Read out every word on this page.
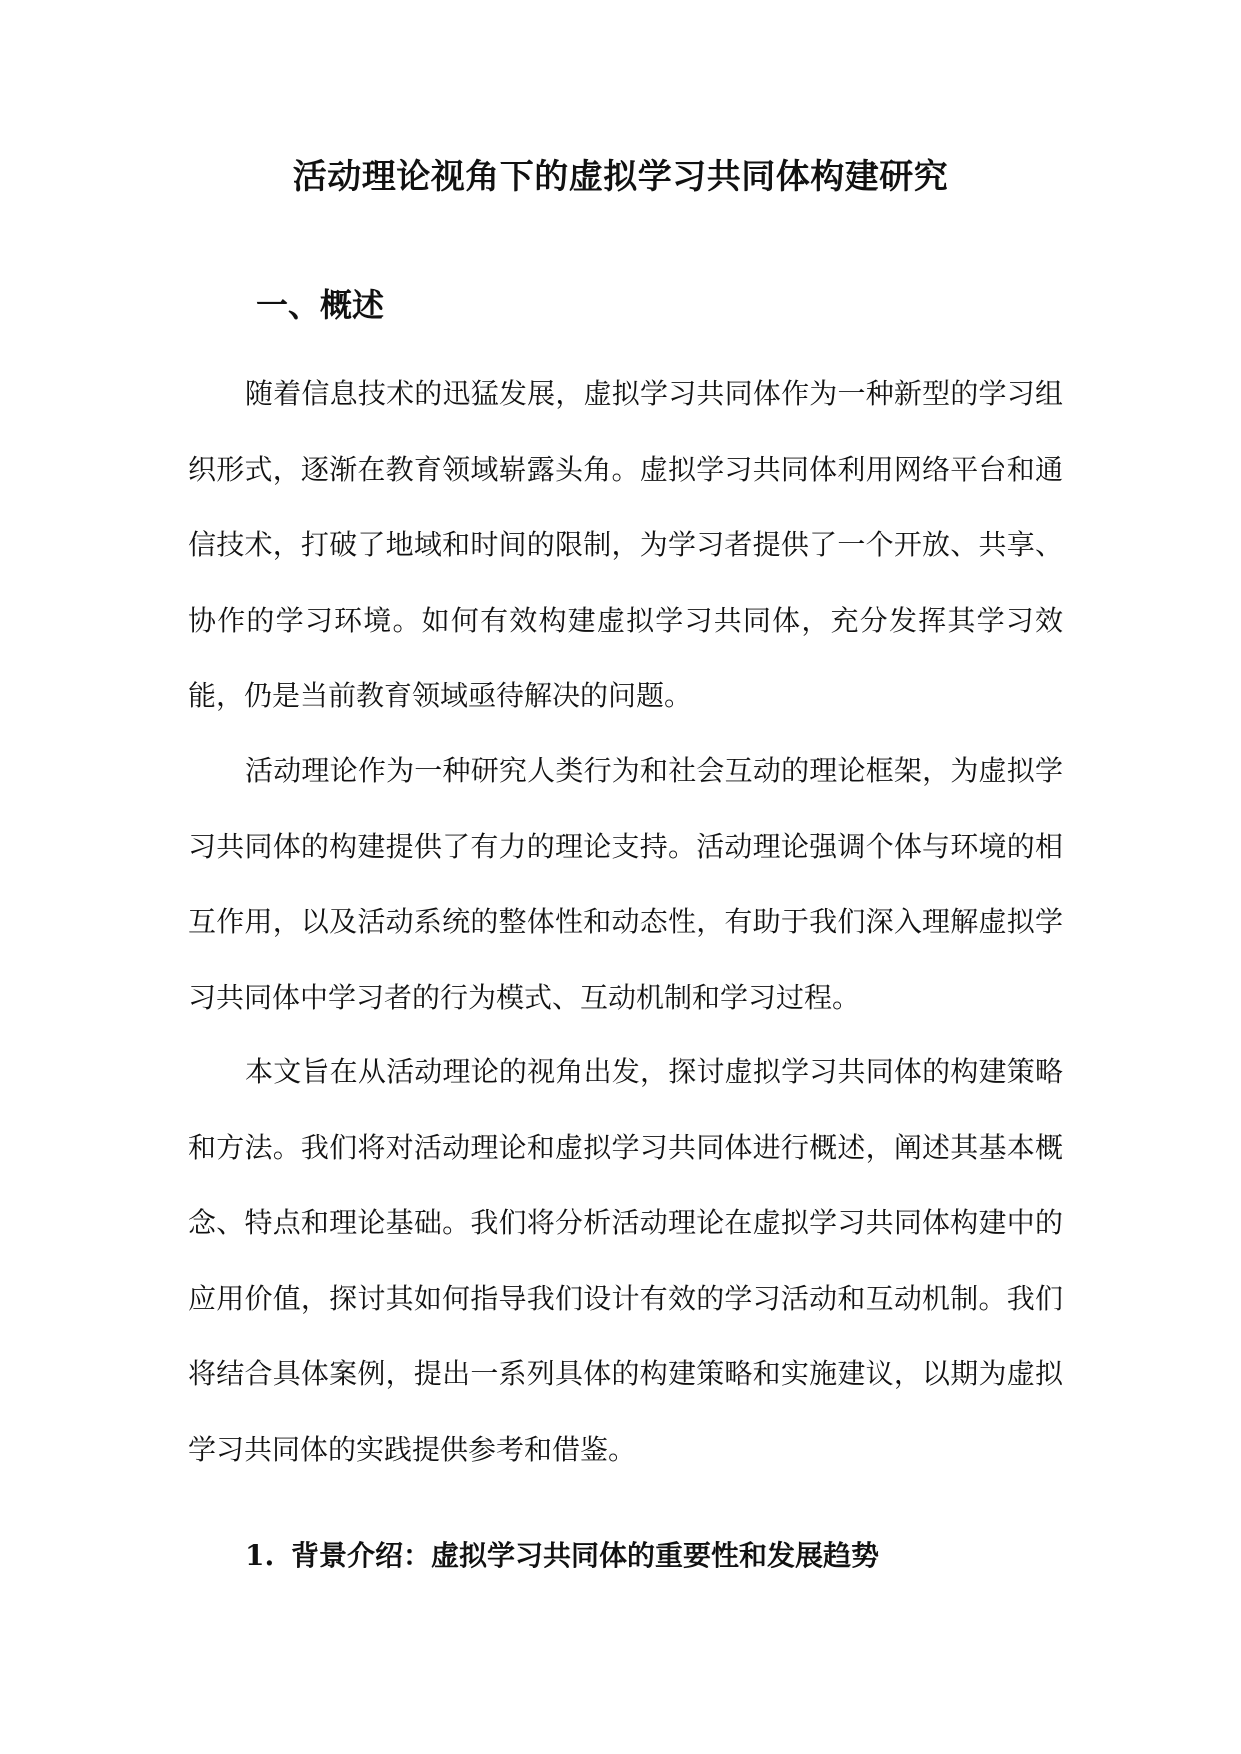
活动理论视角下的虚拟学习共同体构建研究
一、概述

随着信息技术的迅猛发展，虚拟学习共同体作为一种新型的学习组织形式，逐渐在教育领域崭露头角。虚拟学习共同体利用网络平台和通信技术，打破了地域和时间的限制，为学习者提供了一个开放、共享、协作的学习环境。如何有效构建虚拟学习共同体，充分发挥其学习效能，仍是当前教育领域亟待解决的问题。

活动理论作为一种研究人类行为和社会互动的理论框架，为虚拟学习共同体的构建提供了有力的理论支持。活动理论强调个体与环境的相互作用，以及活动系统的整体性和动态性，有助于我们深入理解虚拟学习共同体中学习者的行为模式、互动机制和学习过程。

本文旨在从活动理论的视角出发，探讨虚拟学习共同体的构建策略和方法。我们将对活动理论和虚拟学习共同体进行概述，阐述其基本概念、特点和理论基础。我们将分析活动理论在虚拟学习共同体构建中的应用价值，探讨其如何指导我们设计有效的学习活动和互动机制。我们将结合具体案例，提出一系列具体的构建策略和实施建议，以期为虚拟学习共同体的实践提供参考和借鉴。

1. 背景介绍：虚拟学习共同体的重要性和发展趋势
